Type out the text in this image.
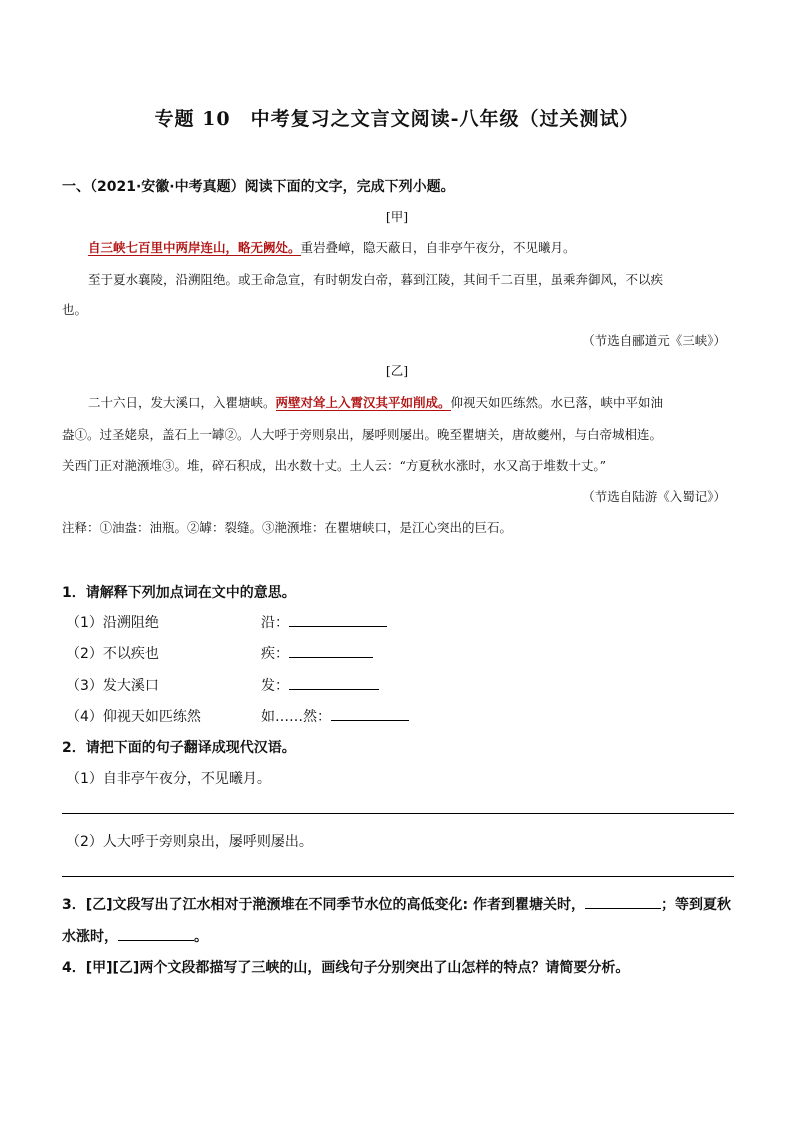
专题 10　中考复习之文言文阅读-八年级（过关测试）
一、（2021·安徽·中考真题）阅读下面的文字，完成下列小题。
[甲]
自三峡七百里中两岸连山，略无阙处。重岩叠嶂，隐天蔽日，自非亭午夜分，不见曦月。
至于夏水襄陵，沿溯阻绝。或王命急宣，有时朝发白帝，暮到江陵，其间千二百里，虽乘奔御风，不以疾
也。
（节选自郦道元《三峡》）
[乙]
二十六日，发大溪口，入瞿塘峡。两壁对耸上入霄汉其平如削成。仰视天如匹练然。水已落，峡中平如油
盎①。过圣姥泉，盖石上一罅②。人大呼于旁则泉出，屡呼则屡出。晚至瞿塘关，唐故夔州，与白帝城相连。
关西门正对滟滪堆③。堆，碎石积成，出水数十丈。土人云：“方夏秋水涨时，水又高于堆数十丈。”
（节选自陆游《入蜀记》）
注释：①油盎：油瓶。②罅：裂缝。③滟滪堆：在瞿塘峡口，是江心突出的巨石。
1．请解释下列加点词在文中的意思。
（1）沿溯阻绝	沿：
（2）不以疾也	疾：
（3）发大溪口	发：
（4）仰视天如匹练然	如……然：
2．请把下面的句子翻译成现代汉语。
（1）自非亭午夜分，不见曦月。
（2）人大呼于旁则泉出，屡呼则屡出。
3．[乙]文段写出了江水相对于滟滪堆在不同季节水位的高低变化: 作者到瞿塘关时，	；等到夏秋
水涨时，	。
4．[甲][乙]两个文段都描写了三峡的山，画线句子分别突出了山怎样的特点？请简要分析。
